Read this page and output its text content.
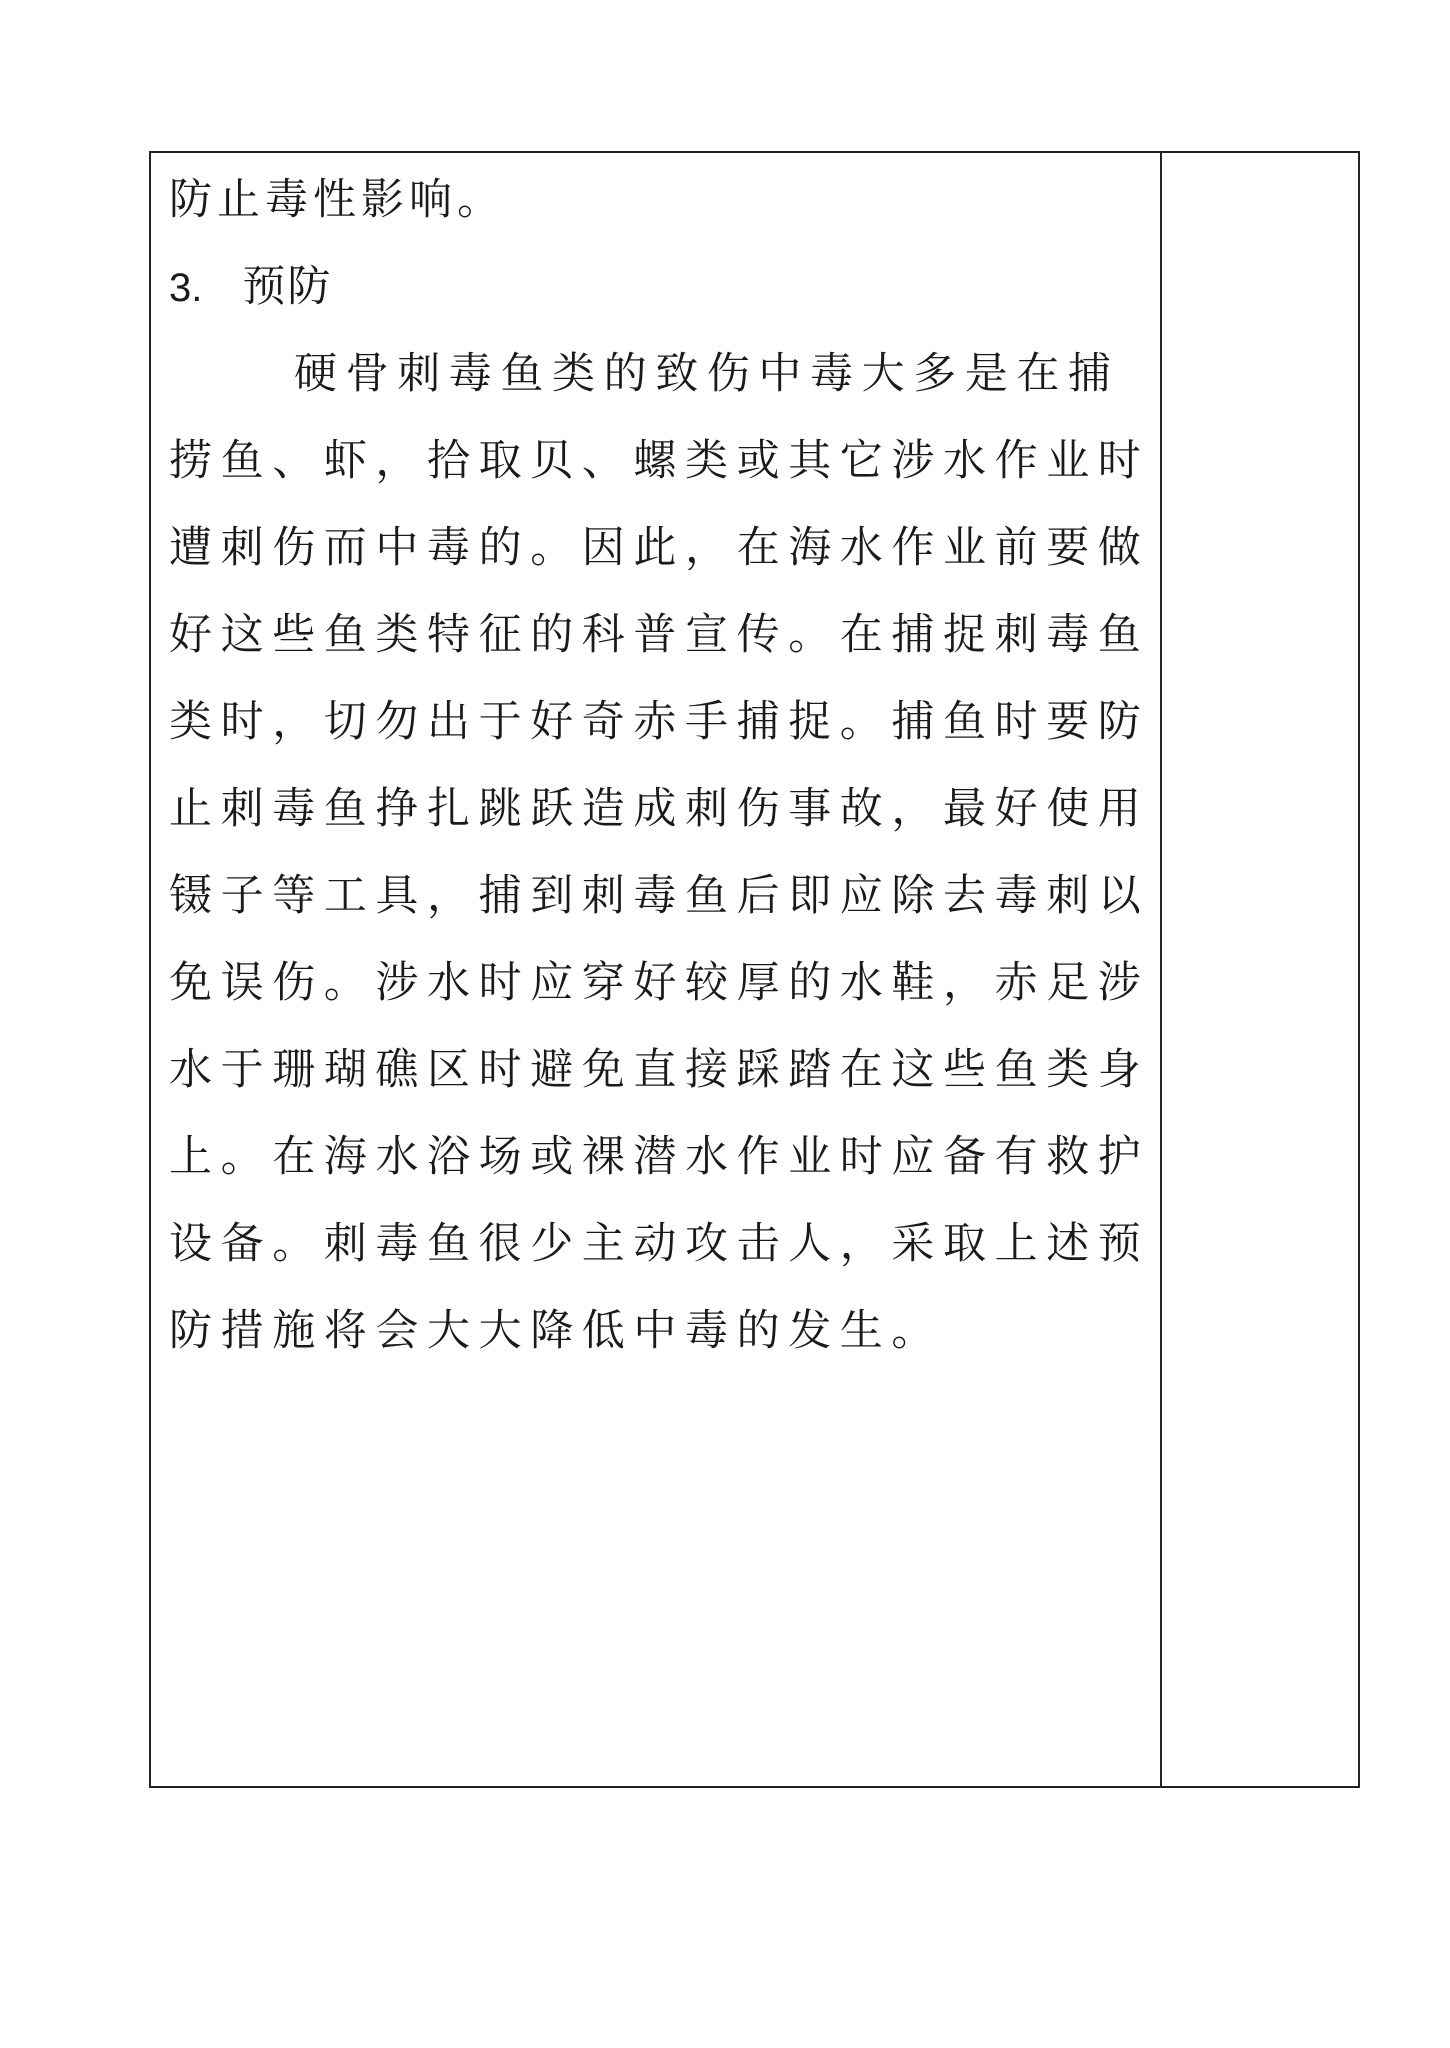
防止毒性影响。
3. 预防
硬骨刺毒鱼类的致伤中毒大多是在捕
捞鱼、虾，拾取贝、螺类或其它涉水作业时
遭刺伤而中毒的。因此，在海水作业前要做
好这些鱼类特征的科普宣传。在捕捉刺毒鱼
类时，切勿出于好奇赤手捕捉。捕鱼时要防
止刺毒鱼挣扎跳跃造成刺伤事故，最好使用
镊子等工具，捕到刺毒鱼后即应除去毒刺以
免误伤。涉水时应穿好较厚的水鞋，赤足涉
水于珊瑚礁区时避免直接踩踏在这些鱼类身
上。在海水浴场或裸潜水作业时应备有救护
设备。刺毒鱼很少主动攻击人，采取上述预
防措施将会大大降低中毒的发生。
